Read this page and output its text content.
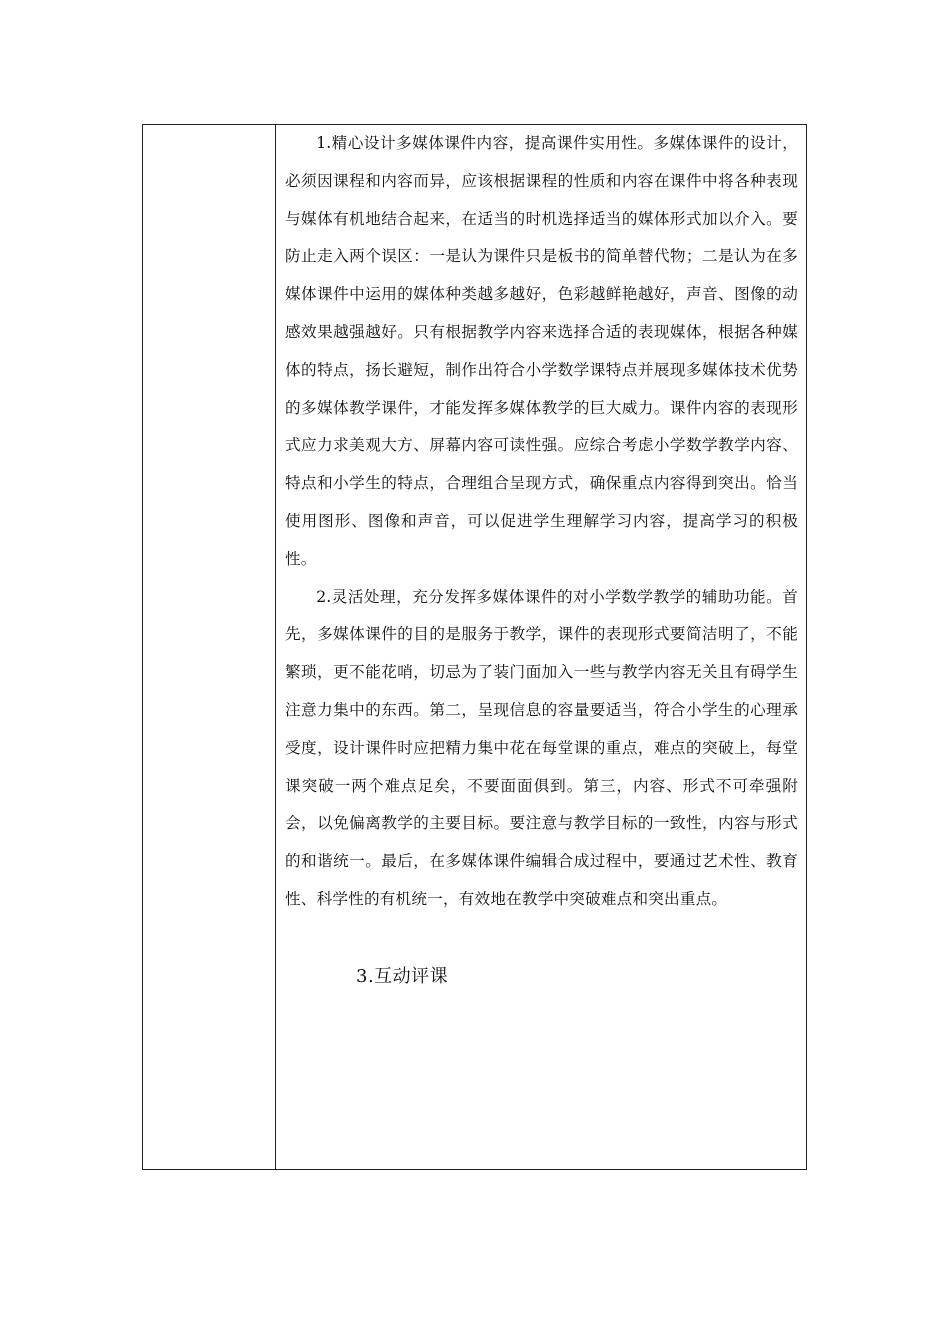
1.精心设计多媒体课件内容，提高课件实用性。多媒体课件的设计，必须因课程和内容而异，应该根据课程的性质和内容在课件中将各种表现与媒体有机地结合起来，在适当的时机选择适当的媒体形式加以介入。要防止走入两个误区：一是认为课件只是板书的简单替代物；二是认为在多媒体课件中运用的媒体种类越多越好，色彩越鲜艳越好，声音、图像的动感效果越强越好。只有根据教学内容来选择合适的表现媒体，根据各种媒体的特点，扬长避短，制作出符合小学数学课特点并展现多媒体技术优势的多媒体教学课件，才能发挥多媒体教学的巨大威力。课件内容的表现形式应力求美观大方、屏幕内容可读性强。应综合考虑小学数学教学内容、特点和小学生的特点，合理组合呈现方式，确保重点内容得到突出。恰当使用图形、图像和声音，可以促进学生理解学习内容，提高学习的积极性。

2.灵活处理，充分发挥多媒体课件的对小学数学教学的辅助功能。首先，多媒体课件的目的是服务于教学，课件的表现形式要简洁明了，不能繁琐，更不能花哨，切忌为了装门面加入一些与教学内容无关且有碍学生注意力集中的东西。第二，呈现信息的容量要适当，符合小学生的心理承受度，设计课件时应把精力集中花在每堂课的重点，难点的突破上，每堂课突破一两个难点足矣，不要面面俱到。第三，内容、形式不可牵强附会，以免偏离教学的主要目标。要注意与教学目标的一致性，内容与形式的和谐统一。最后，在多媒体课件编辑合成过程中，要通过艺术性、教育性、科学性的有机统一，有效地在教学中突破难点和突出重点。

3.互动评课
